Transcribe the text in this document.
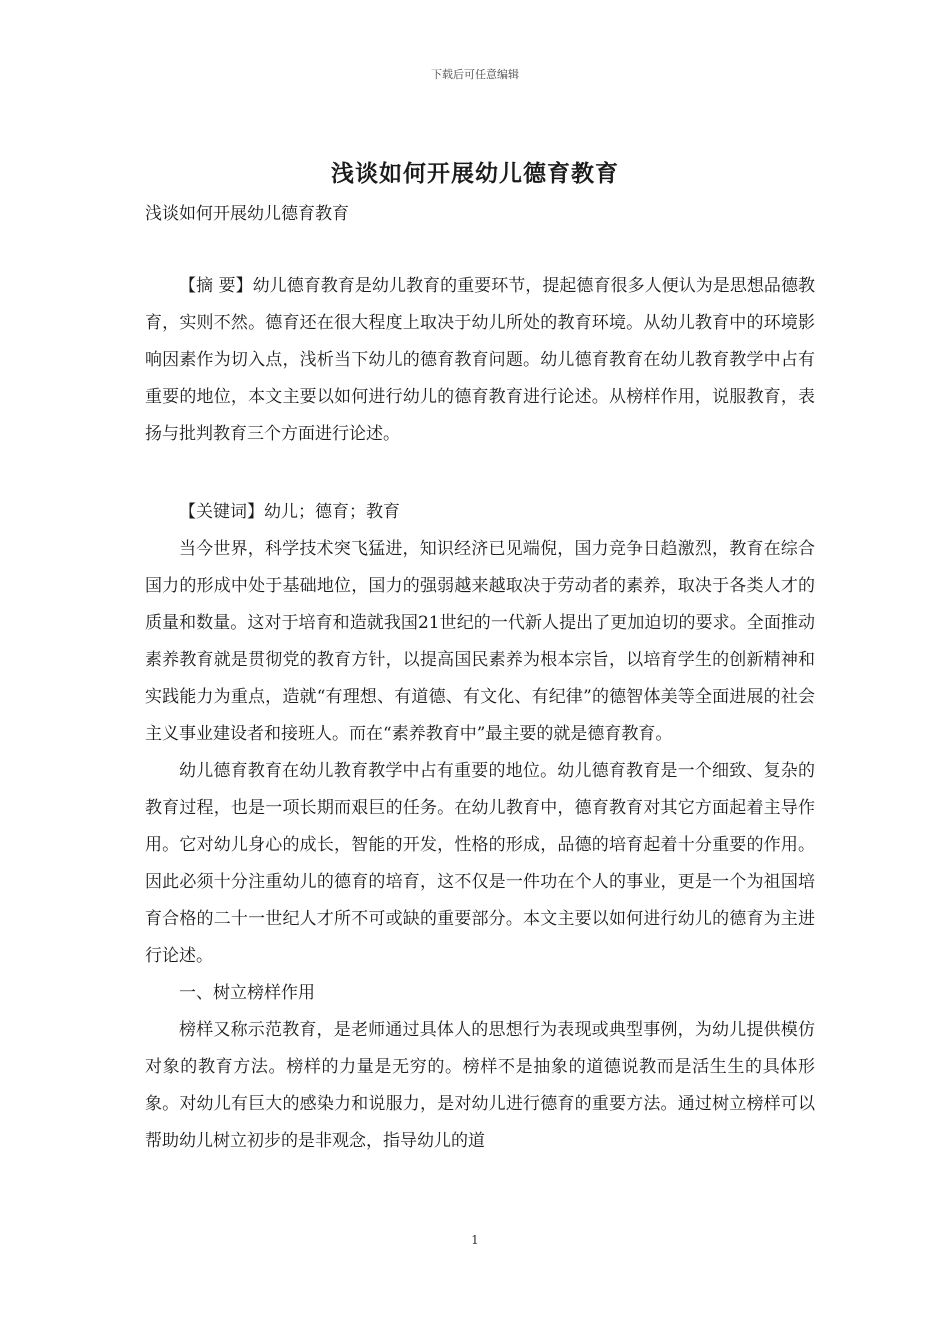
下载后可任意编辑
浅谈如何开展幼儿德育教育
浅谈如何开展幼儿德育教育

【摘 要】幼儿德育教育是幼儿教育的重要环节，提起德育很多人便认为是思想品德教育，实则不然。德育还在很大程度上取决于幼儿所处的教育环境。从幼儿教育中的环境影响因素作为切入点，浅析当下幼儿的德育教育问题。幼儿德育教育在幼儿教育教学中占有重要的地位，本文主要以如何进行幼儿的德育教育进行论述。从榜样作用，说服教育，表扬与批判教育三个方面进行论述。

【关键词】幼儿；德育；教育

当今世界，科学技术突飞猛进，知识经济已见端倪，国力竞争日趋激烈，教育在综合国力的形成中处于基础地位，国力的强弱越来越取决于劳动者的素养，取决于各类人才的质量和数量。这对于培育和造就我国21世纪的一代新人提出了更加迫切的要求。全面推动素养教育就是贯彻党的教育方针，以提高国民素养为根本宗旨，以培育学生的创新精神和实践能力为重点，造就“有理想、有道德、有文化、有纪律”的德智体美等全面进展的社会主义事业建设者和接班人。而在“素养教育中”最主要的就是德育教育。

幼儿德育教育在幼儿教育教学中占有重要的地位。幼儿德育教育是一个细致、复杂的教育过程，也是一项长期而艰巨的任务。在幼儿教育中，德育教育对其它方面起着主导作用。它对幼儿身心的成长，智能的开发，性格的形成，品德的培育起着十分重要的作用。因此必须十分注重幼儿的德育的培育，这不仅是一件功在个人的事业，更是一个为祖国培育合格的二十一世纪人才所不可或缺的重要部分。本文主要以如何进行幼儿的德育为主进行论述。

一、树立榜样作用

榜样又称示范教育，是老师通过具体人的思想行为表现或典型事例，为幼儿提供模仿对象的教育方法。榜样的力量是无穷的。榜样不是抽象的道德说教而是活生生的具体形象。对幼儿有巨大的感染力和说服力，是对幼儿进行德育的重要方法。通过树立榜样可以帮助幼儿树立初步的是非观念，指导幼儿的道

1
